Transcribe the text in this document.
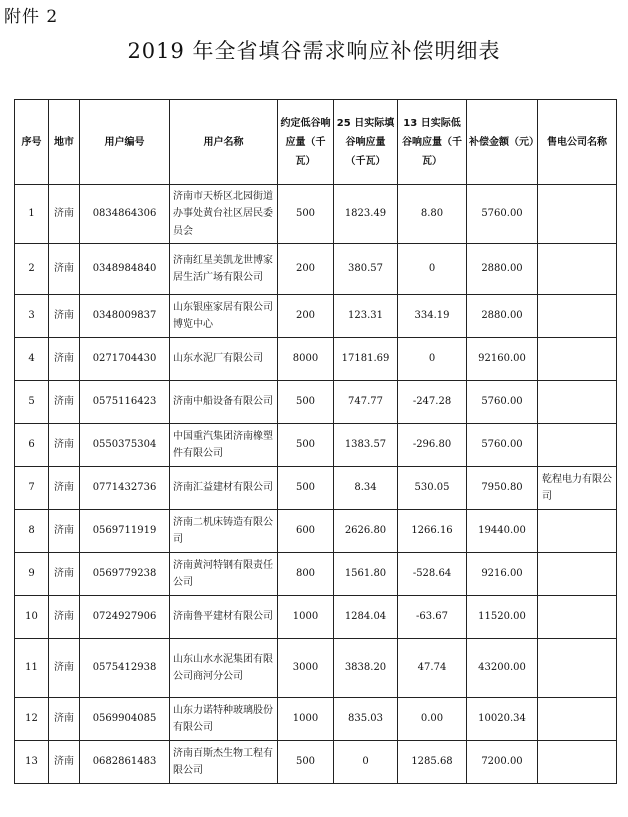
附件 2
2019 年全省填谷需求响应补偿明细表
序号	地市	用户编号	用户名称	约定低谷响应量（千瓦）	25 日实际填谷响应量（千瓦）	13 日实际低谷响应量（千瓦）	补偿金额（元）	售电公司名称
1	济南	0834864306	济南市天桥区北园街道办事处黄台社区居民委员会	500	1823.49	8.80	5760.00	
2	济南	0348984840	济南红星美凯龙世博家居生活广场有限公司	200	380.57	0	2880.00	
3	济南	0348009837	山东银座家居有限公司博览中心	200	123.31	334.19	2880.00	
4	济南	0271704430	山东水泥厂有限公司	8000	17181.69	0	92160.00	
5	济南	0575116423	济南中船设备有限公司	500	747.77	-247.28	5760.00	
6	济南	0550375304	中国重汽集团济南橡塑件有限公司	500	1383.57	-296.80	5760.00	
7	济南	0771432736	济南汇益建材有限公司	500	8.34	530.05	7950.80	乾程电力有限公司
8	济南	0569711919	济南二机床铸造有限公司	600	2626.80	1266.16	19440.00	
9	济南	0569779238	济南黄河特钢有限责任公司	800	1561.80	-528.64	9216.00	
10	济南	0724927906	济南鲁平建材有限公司	1000	1284.04	-63.67	11520.00	
11	济南	0575412938	山东山水水泥集团有限公司商河分公司	3000	3838.20	47.74	43200.00	
12	济南	0569904085	山东力诺特种玻璃股份有限公司	1000	835.03	0.00	10020.34	
13	济南	0682861483	济南百斯杰生物工程有限公司	500	0	1285.68	7200.00	
